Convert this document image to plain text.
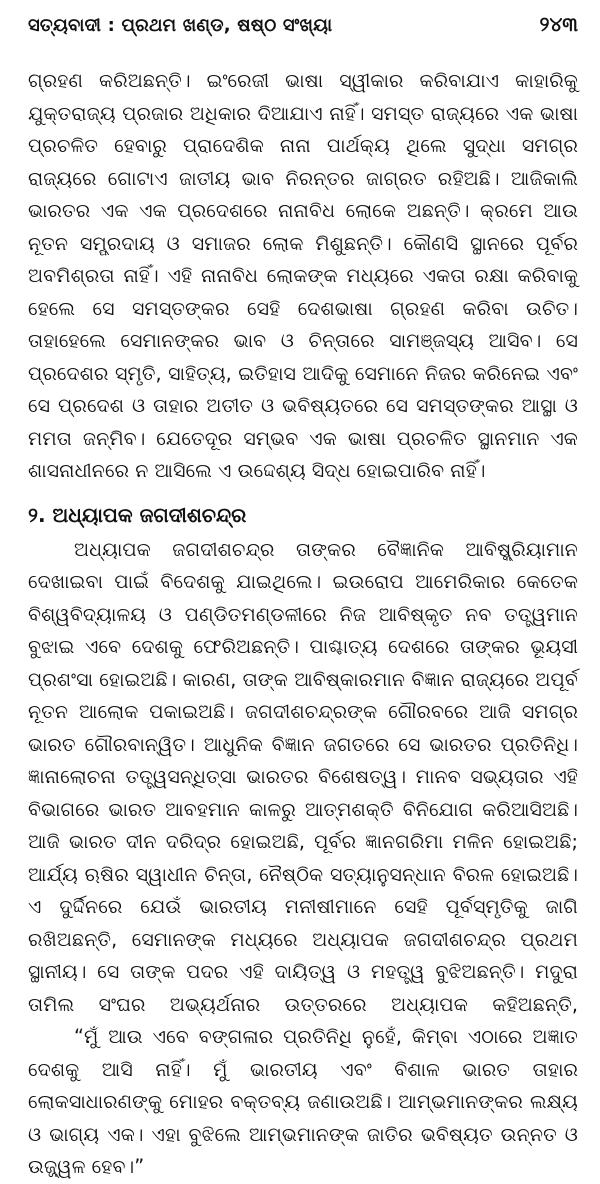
ସତ୍ୟବାଦୀ : ପ୍ରଥମ ଖଣ୍ଡ, ଷଷ୍ଠ ସଂଖ୍ୟା	୨୪୩

ଗ୍ରହଣ କରିଅଛନ୍ତି। ଇଂରେଜୀ ଭାଷା ସ୍ୱୀକାର କରିବାଯାଏ କାହାରିକୁ ଯୁକ୍ତରାଜ୍ୟ ପ୍ରଜାର ଅଧିକାର ଦିଆଯାଏ ନାହିଁ। ସମସ୍ତ ରାଜ୍ୟରେ ଏକ ଭାଷା ପ୍ରଚଳିତ ହେବାରୁ ପ୍ରାଦେଶିକ ନାନା ପାର୍ଥକ୍ୟ ଥିଲେ ସୁଦ୍ଧା ସମଗ୍ର ରାଜ୍ୟରେ ଗୋଟାଏ ଜାତୀୟ ଭାବ ନିରନ୍ତର ଜାଗ୍ରତ ରହିଅଛି। ଆଜିକାଲି ଭାରତର ଏକ ଏକ ପ୍ରଦେଶରେ ନାନାବିଧ ଲୋକେ ଅଛନ୍ତି। କ୍ରମେ ଆଉ ନୂତନ ସମ୍ପ୍ରଦାୟ ଓ ସମାଜର ଲୋକ ମିଶୁଛନ୍ତି। କୌଣସି ସ୍ଥାନରେ ପୂର୍ବର ଅବମିଶ୍ରତା ନାହିଁ। ଏହି ନାନାବିଧ ଲୋକଙ୍କ ମଧ୍ୟରେ ଏକତା ରକ୍ଷା କରିବାକୁ ହେଲେ ସେ ସମସ୍ତଙ୍କର ସେହି ଦେଶଭାଷା ଗ୍ରହଣ କରିବା ଉଚିତ। ତାହାହେଲେ ସେମାନଙ୍କର ଭାବ ଓ ଚିନ୍ତାରେ ସାମଞ୍ଜସ୍ୟ ଆସିବ। ସେ ପ୍ରଦେଶର ସ୍ମୃତି, ସାହିତ୍ୟ, ଇତିହାସ ଆଦିକୁ ସେମାନେ ନିଜର କରିନେଇ ଏବଂ ସେ ପ୍ରଦେଶ ଓ ତାହାର ଅତୀତ ଓ ଭବିଷ୍ୟତରେ ସେ ସମସ୍ତଙ୍କର ଆସ୍ଥା ଓ ମମତା ଜନ୍ମିବ। ଯେତେଦୂର ସମ୍ଭବ ଏକ ଭାଷା ପ୍ରଚଳିତ ସ୍ଥାନମାନ ଏକ ଶାସନାଧୀନରେ ନ ଆସିଲେ ଏ ଉଦ୍ଦେଶ୍ୟ ସିଦ୍ଧ ହୋଇପାରିବ ନାହିଁ।

୨. ଅଧ୍ୟାପକ ଜଗଦୀଶଚନ୍ଦ୍ର

ଅଧ୍ୟାପକ ଜଗଦୀଶଚନ୍ଦ୍ର ତାଙ୍କର ବୈଜ୍ଞାନିକ ଆବିଷ୍କ୍ରିୟାମାନ ଦେଖାଇବା ପାଇଁ ବିଦେଶକୁ ଯାଇଥିଲେ। ଇଉରୋପ ଆମେରିକାର କେତେକ ବିଶ୍ୱବିଦ୍ୟାଳୟ ଓ ପଣ୍ଡିତମଣ୍ଡଳୀରେ ନିଜ ଆବିଷ୍କୃତ ନବ ତତ୍ତ୍ୱମାନ ବୁଝାଇ ଏବେ ଦେଶକୁ ଫେରିଅଛନ୍ତି। ପାଶ୍ଚାତ୍ୟ ଦେଶରେ ତାଙ୍କର ଭୂୟସୀ ପ୍ରଶଂସା ହୋଇଅଛି। କାରଣ, ତାଙ୍କ ଆବିଷ୍କାରମାନ ବିଜ୍ଞାନ ରାଜ୍ୟରେ ଅପୂର୍ବ ନୂତନ ଆଲୋକ ପକାଇଅଛି। ଜଗଦୀଶଚନ୍ଦ୍ରଙ୍କ ଗୌରବରେ ଆଜି ସମଗ୍ର ଭାରତ ଗୌରବାନ୍ୱିତ। ଆଧୁନିକ ବିଜ୍ଞାନ ଜଗତରେ ସେ ଭାରତର ପ୍ରତିନିଧି। ଜ୍ଞାନାଲୋଚନା ତତ୍ତ୍ୱସନ୍ଧିତ୍ସା ଭାରତର ବିଶେଷତ୍ୱ। ମାନବ ସଭ୍ୟତାର ଏହି ବିଭାଗରେ ଭାରତ ଆବହମାନ କାଳରୁ ଆତ୍ମଶକ୍ତି ବିନିଯୋଗ କରିଆସିଅଛି। ଆଜି ଭାରତ ଦୀନ ଦରିଦ୍ର ହୋଇଅଛି, ପୂର୍ବର ଜ୍ଞାନଗରିମା ମଳିନ ହୋଇଅଛି; ଆର୍ଯ୍ୟ ଋଷିର ସ୍ୱାଧୀନ ଚିନ୍ତା, ନୈଷ୍ଠିକ ସତ୍ୟାନୁସନ୍ଧାନ ବିରଳ ହୋଇଅଛି। ଏ ଦୁର୍ଦ୍ଦିନରେ ଯେଉଁ ଭାରତୀୟ ମନୀଷୀମାନେ ସେହି ପୂର୍ବସ୍ମୃତିକୁ ଜାଗି ରଖିଅଛନ୍ତି, ସେମାନଙ୍କ ମଧ୍ୟରେ ଅଧ୍ୟାପକ ଜଗଦୀଶଚନ୍ଦ୍ର ପ୍ରଥମ ସ୍ଥାନୀୟ। ସେ ତାଙ୍କ ପଦର ଏହି ଦାୟିତ୍ୱ ଓ ମହତ୍ତ୍ୱ ବୁଝିଅଛନ୍ତି। ମଦୁରା ତାମିଲ ସଂଘର ଅଭ୍ୟର୍ଥନାର ଉତ୍ତରରେ ଅଧ୍ୟାପକ କହିଅଛନ୍ତି,

“ମୁଁ ଆଉ ଏବେ ବଙ୍ଗଳାର ପ୍ରତିନିଧି ନୁହେଁ, କିମ୍ବା ଏଠାରେ ଅଜ୍ଞାତ ଦେଶକୁ ଆସି ନାହିଁ। ମୁଁ ଭାରତୀୟ ଏବଂ ବିଶାଳ ଭାରତ ତାହାର ଲୋକସାଧାରଣଙ୍କୁ ମୋହର ବକ୍ତବ୍ୟ ଜଣାଉଅଛି। ଆମ୍ଭମାନଙ୍କର ଲକ୍ଷ୍ୟ ଓ ଭାଗ୍ୟ ଏକ। ଏହା ବୁଝିଲେ ଆମ୍ଭମାନଙ୍କ ଜାତିର ଭବିଷ୍ୟତ ଉନ୍ନତ ଓ ଉଜ୍ଜ୍ୱଳ ହେବ।”
